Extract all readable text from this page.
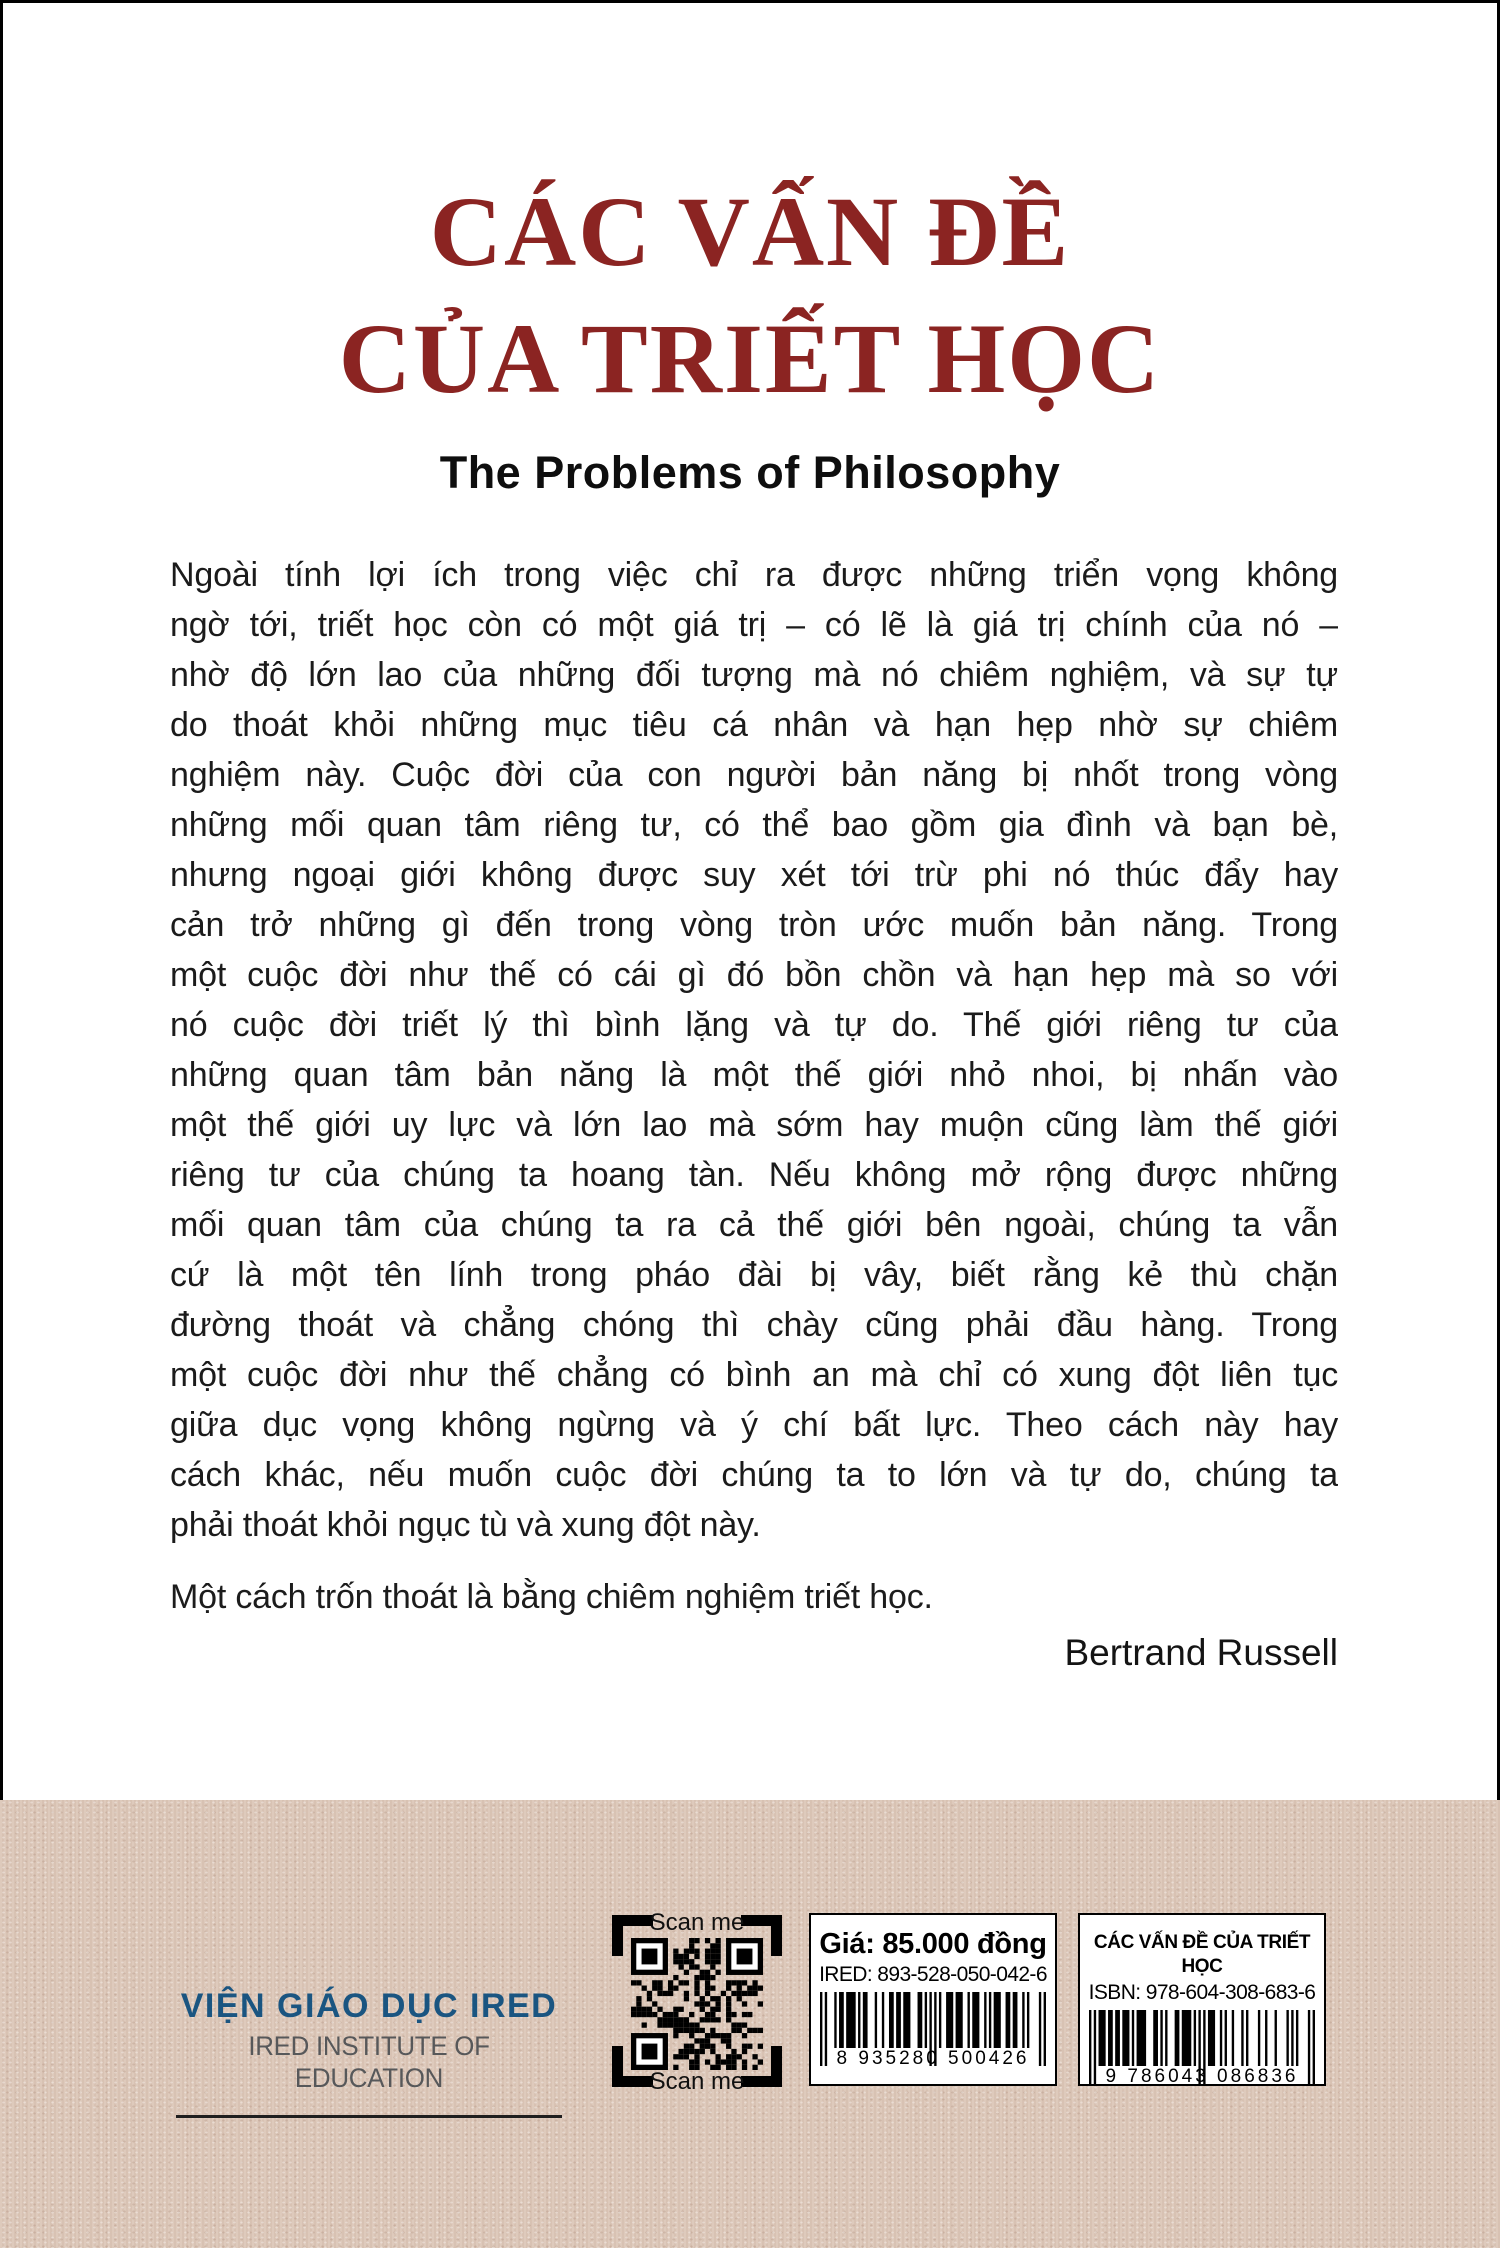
CÁC VẤN ĐỀ
CỦA TRIẾT HỌC
The Problems of Philosophy
Ngoài tính lợi ích trong việc chỉ ra được những triển vọng không
ngờ tới, triết học còn có một giá trị – có lẽ là giá trị chính của nó –
nhờ độ lớn lao của những đối tượng mà nó chiêm nghiệm, và sự tự
do thoát khỏi những mục tiêu cá nhân và hạn hẹp nhờ sự chiêm
nghiệm này. Cuộc đời của con người bản năng bị nhốt trong vòng
những mối quan tâm riêng tư, có thể bao gồm gia đình và bạn bè,
nhưng ngoại giới không được suy xét tới trừ phi nó thúc đẩy hay
cản trở những gì đến trong vòng tròn ước muốn bản năng. Trong
một cuộc đời như thế có cái gì đó bồn chồn và hạn hẹp mà so với
nó cuộc đời triết lý thì bình lặng và tự do. Thế giới riêng tư của
những quan tâm bản năng là một thế giới nhỏ nhoi, bị nhấn vào
một thế giới uy lực và lớn lao mà sớm hay muộn cũng làm thế giới
riêng tư của chúng ta hoang tàn. Nếu không mở rộng được những
mối quan tâm của chúng ta ra cả thế giới bên ngoài, chúng ta vẫn
cứ là một tên lính trong pháo đài bị vây, biết rằng kẻ thù chặn
đường thoát và chẳng chóng thì chày cũng phải đầu hàng. Trong
một cuộc đời như thế chẳng có bình an mà chỉ có xung đột liên tục
giữa dục vọng không ngừng và ý chí bất lực. Theo cách này hay
cách khác, nếu muốn cuộc đời chúng ta to lớn và tự do, chúng ta
phải thoát khỏi ngục tù và xung đột này.
Một cách trốn thoát là bằng chiêm nghiệm triết học.
Bertrand Russell
VIỆN GIÁO DỤC IRED
IRED INSTITUTE OF EDUCATION
Scan me
Scan me
Giá: 85.000 đồng
IRED: 893-528-050-042-6
8 935280 500426
CÁC VẤN ĐỀ CỦA TRIẾT HỌC
ISBN: 978-604-308-683-6
9 786043 086836
